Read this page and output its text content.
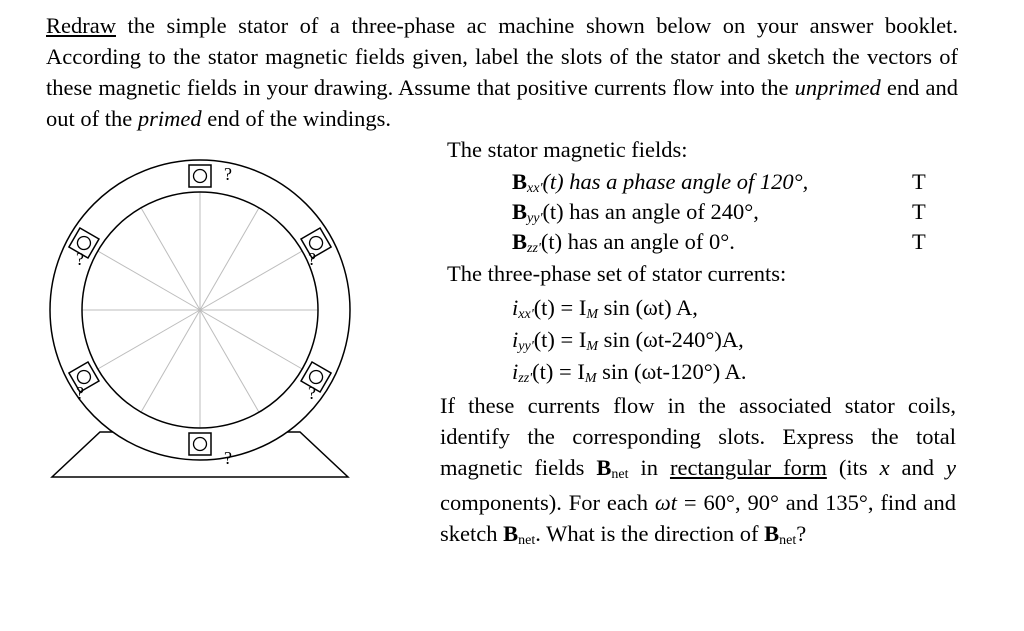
Redraw the simple stator of a three-phase ac machine shown below on your answer booklet. According to the stator magnetic fields given, label the slots of the stator and sketch the vectors of these magnetic fields in your drawing. Assume that positive currents flow into the unprimed end and out of the primed end of the windings.
The stator magnetic fields:
Bxx'(t) has a phase angle of 120°,	T
Byy'(t) has an angle of 240°,	T
Bzz'(t) has an angle of 0°.	T
The three-phase set of stator currents:
ixx'(t) = IM sin (ωt) A,
iyy'(t) = IM sin (ωt-240°)A,
izz'(t) = IM sin (ωt-120°) A.
If these currents flow in the associated stator coils, identify the corresponding slots. Express the total magnetic fields Bnet in rectangular form (its x and y components). For each ωt = 60°, 90° and 135°, find and sketch Bnet. What is the direction of Bnet?
?
?
?
?
?
?
